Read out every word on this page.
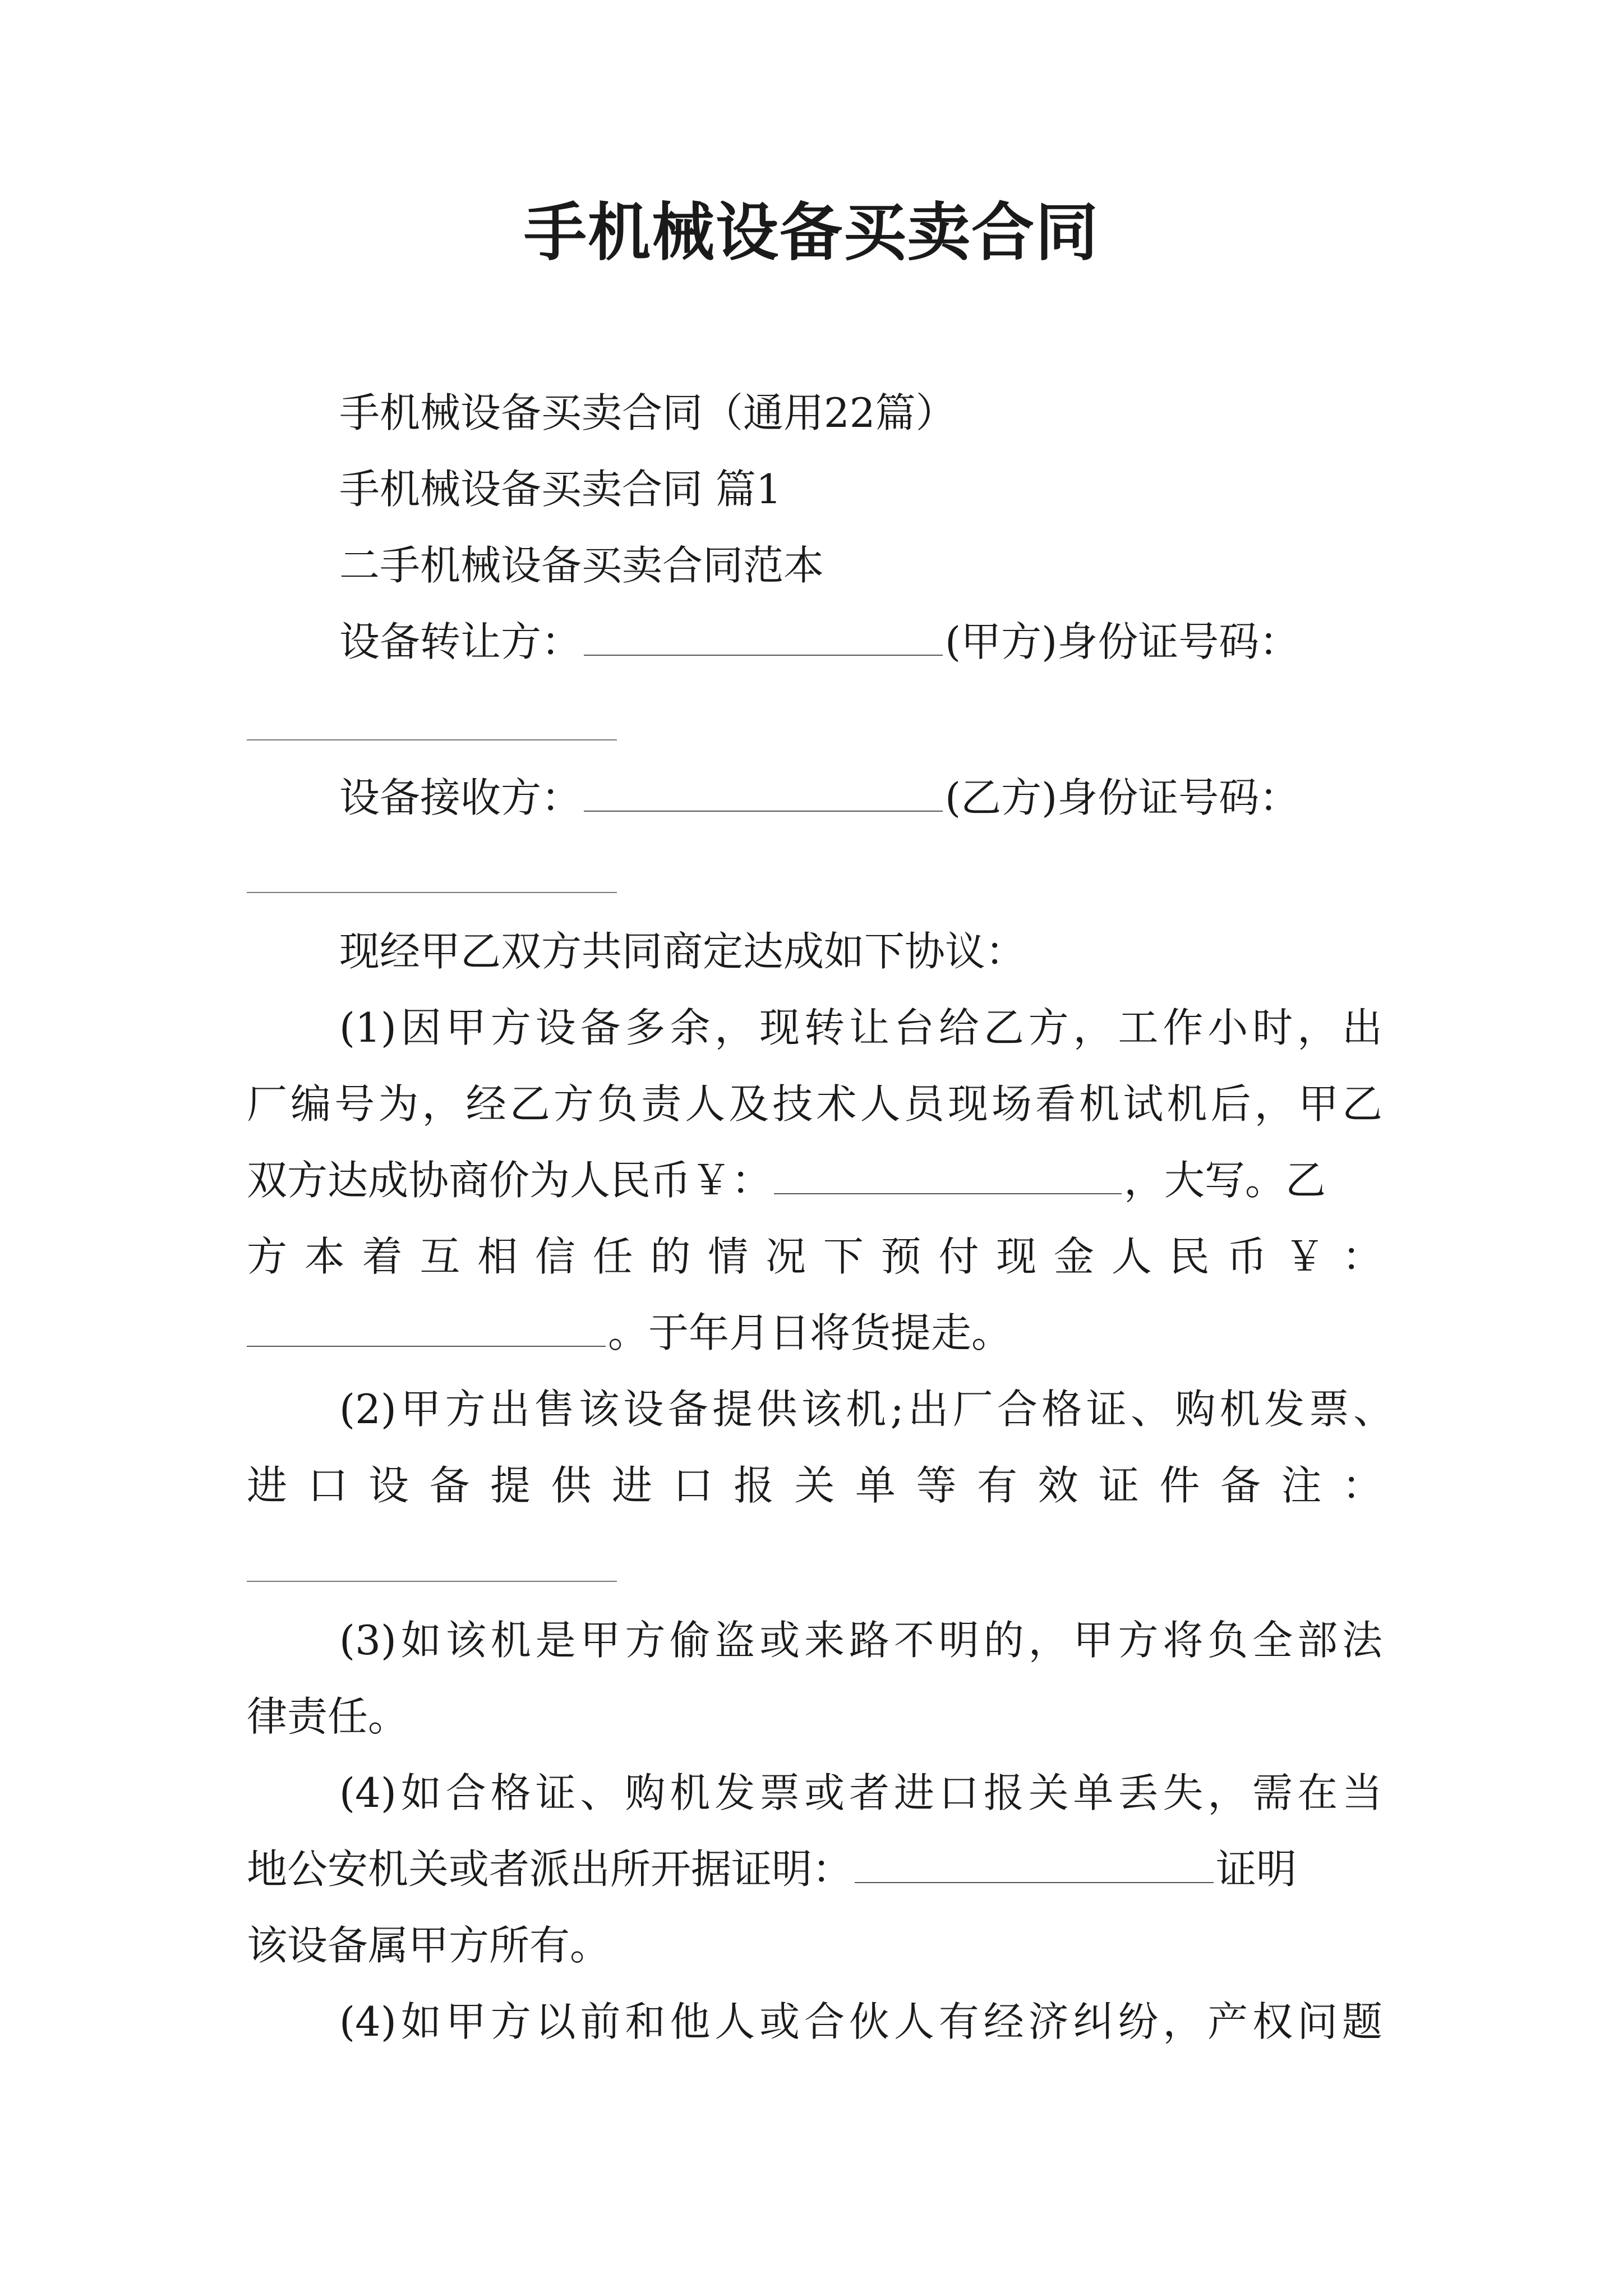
手机械设备买卖合同
手机械设备买卖合同（通用22篇）
手机械设备买卖合同 篇1
二手机械设备买卖合同范本
设备转让方：	(甲方)身份证号码：
设备接收方：	(乙方)身份证号码：
现经甲乙双方共同商定达成如下协议：
(1)因甲方设备多余，现转让台给乙方，工作小时，出
厂编号为，经乙方负责人及技术人员现场看机试机后，甲乙
双方达成协商价为人民币￥：	，大写。乙
方本着互相信任的情况下预付现金人民币￥：
。于年月日将货提走。
(2)甲方出售该设备提供该机;出厂合格证、购机发票、
进口设备提供进口报关单等有效证件备注：
(3)如该机是甲方偷盗或来路不明的，甲方将负全部法
律责任。
(4)如合格证、购机发票或者进口报关单丢失，需在当
地公安机关或者派出所开据证明：	证明
该设备属甲方所有。
(4)如甲方以前和他人或合伙人有经济纠纷，产权问题
